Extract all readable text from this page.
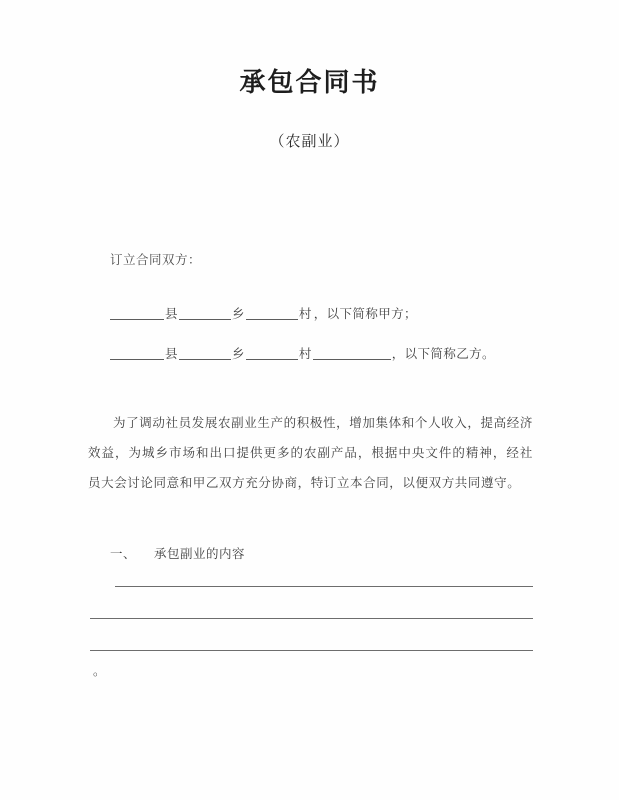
承包合同书
（农副业）
订立合同双方：
县	乡	村 ，以下简称甲方；
县	乡	村	，以下简称乙方。

为了调动社员发展农副业生产的积极性，增加集体和个人收入，提高经济效益，为城乡市场和出口提供更多的农副产品，根据中央文件的精神，经社员大会讨论同意和甲乙双方充分协商，特订立本合同，以便双方共同遵守。

一、 承包副业的内容
。
